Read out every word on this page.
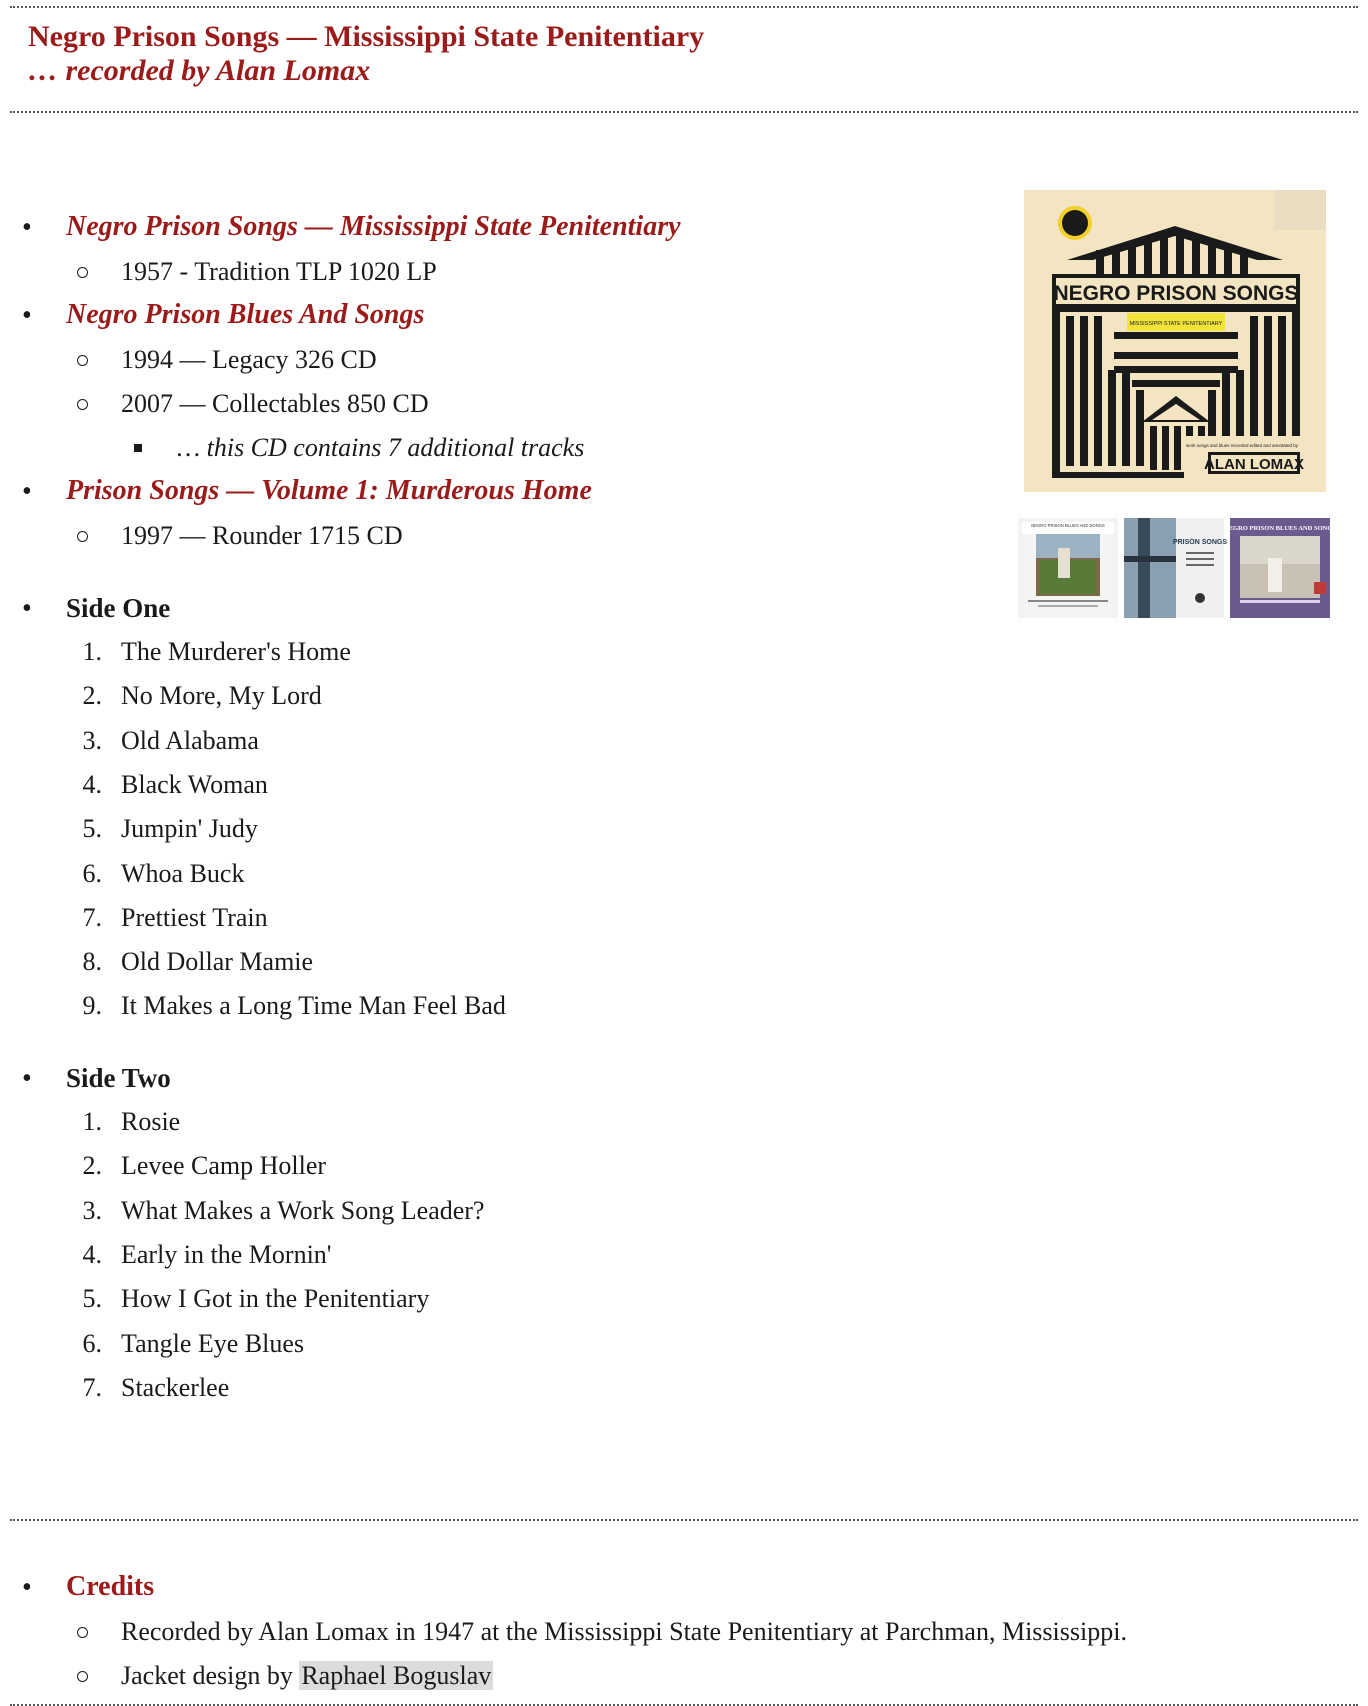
Negro Prison Songs — Mississippi State Penitentiary
… recorded by Alan Lomax
•
Negro Prison Songs — Mississippi State Penitentiary
1957 - Tradition TLP 1020 LP
•
Negro Prison Blues And Songs
1994 — Legacy 326 CD
2007 — Collectables 850 CD
… this CD contains 7 additional tracks
•
Prison Songs — Volume 1: Murderous Home
1997 — Rounder 1715 CD
•
Side One
1. The Murderer's Home
2. No More, My Lord
3. Old Alabama
4. Black Woman
5. Jumpin' Judy
6. Whoa Buck
7. Prettiest Train
8. Old Dollar Mamie
9. It Makes a Long Time Man Feel Bad
•
Side Two
1. Rosie
2. Levee Camp Holler
3. What Makes a Work Song Leader?
4. Early in the Mornin'
5. How I Got in the Penitentiary
6. Tangle Eye Blues
7. Stackerlee
NEGRO PRISON SONGS
MISSISSIPPI STATE PENITENTIARY
work songs and blues recorded edited and annotated by
ALAN LOMAX
NEGRO PRISON BLUES AND SONGS
PRISON SONGS
NEGRO PRISON BLUES AND SONGS
•
Credits
Recorded by Alan Lomax in 1947 at the Mississippi State Penitentiary at Parchman, Mississippi.
Jacket design by Raphael Boguslav
